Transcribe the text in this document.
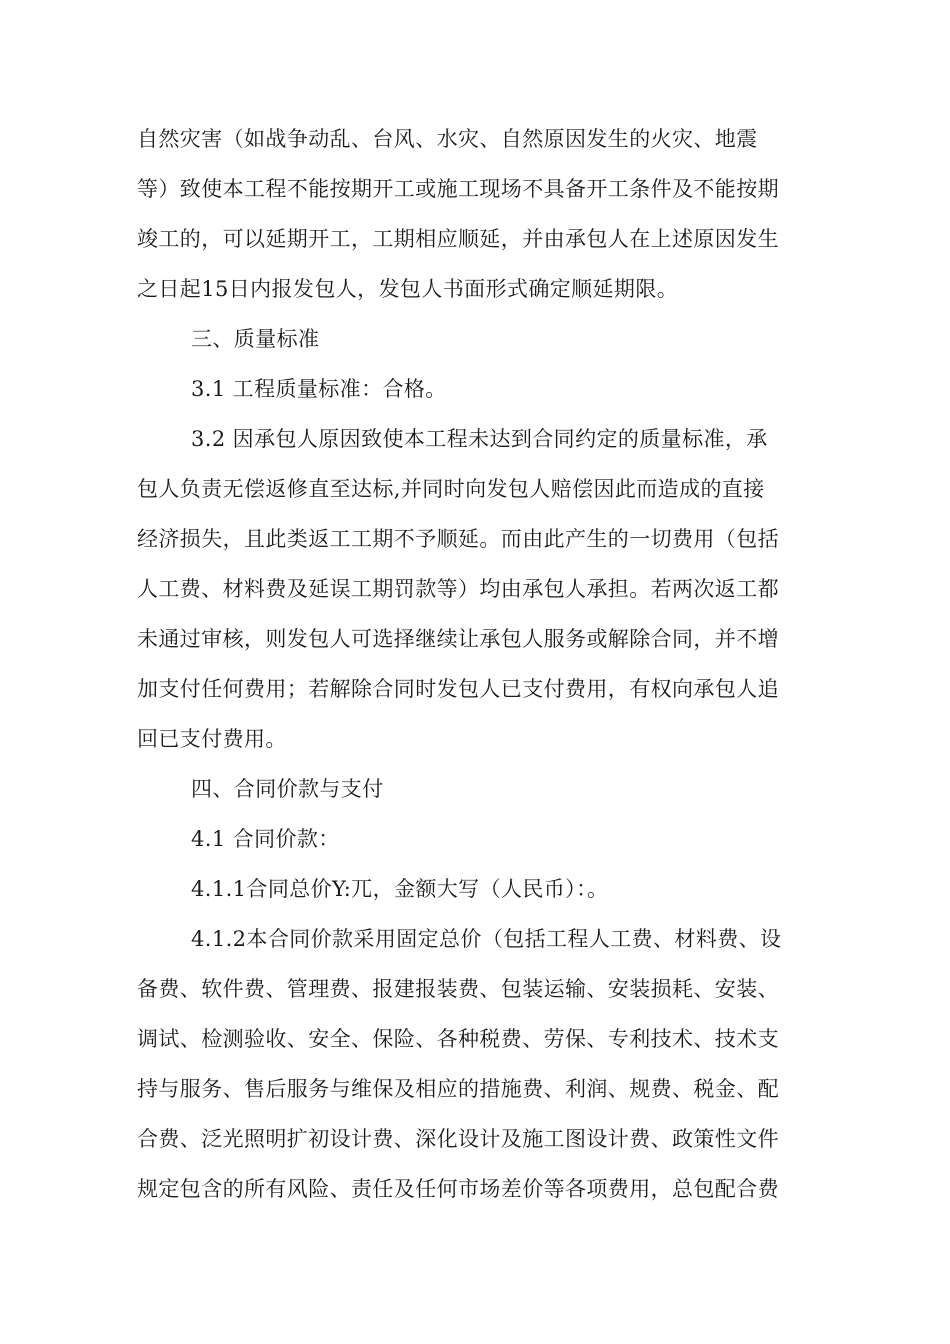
自然灾害（如战争动乱、台风、水灾、自然原因发生的火灾、地震
等）致使本工程不能按期开工或施工现场不具备开工条件及不能按期
竣工的，可以延期开工，工期相应顺延，并由承包人在上述原因发生
之日起15日内报发包人，发包人书面形式确定顺延期限。
三、质量标准
3.1 工程质量标准：合格。
3.2 因承包人原因致使本工程未达到合同约定的质量标准，承
包人负责无偿返修直至达标,并同时向发包人赔偿因此而造成的直接
经济损失，且此类返工工期不予顺延。而由此产生的一切费用（包括
人工费、材料费及延误工期罚款等）均由承包人承担。若两次返工都
未通过审核，则发包人可选择继续让承包人服务或解除合同，并不增
加支付任何费用；若解除合同时发包人已支付费用，有权向承包人追
回已支付费用。
四、合同价款与支付
4.1 合同价款：
4.1.1合同总价Y:兀，金额大写（人民币）：。
4.1.2本合同价款采用固定总价（包括工程人工费、材料费、设
备费、软件费、管理费、报建报装费、包装运输、安装损耗、安装、
调试、检测验收、安全、保险、各种税费、劳保、专利技术、技术支
持与服务、售后服务与维保及相应的措施费、利润、规费、税金、配
合费、泛光照明扩初设计费、深化设计及施工图设计费、政策性文件
规定包含的所有风险、责任及任何市场差价等各项费用，总包配合费
